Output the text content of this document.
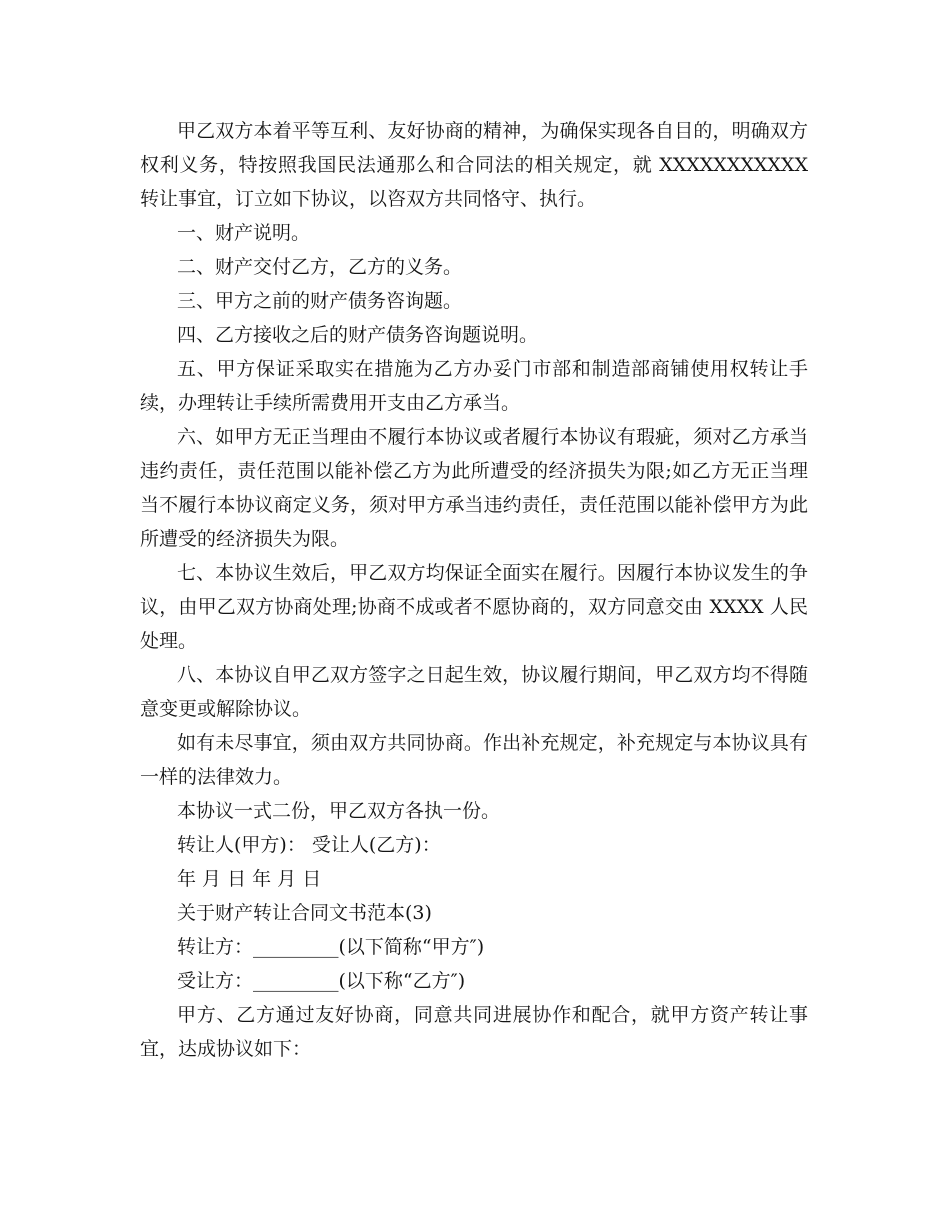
甲乙双方本着平等互利、友好协商的精神，为确保实现各自目的，明确双方权利义务，特按照我国民法通那么和合同法的相关规定，就 XXXXXXXXXXX 转让事宜，订立如下协议，以咨双方共同恪守、执行。

一、财产说明。

二、财产交付乙方，乙方的义务。

三、甲方之前的财产债务咨询题。

四、乙方接收之后的财产债务咨询题说明。

五、甲方保证采取实在措施为乙方办妥门市部和制造部商铺使用权转让手续，办理转让手续所需费用开支由乙方承当。

六、如甲方无正当理由不履行本协议或者履行本协议有瑕疵，须对乙方承当违约责任，责任范围以能补偿乙方为此所遭受的经济损失为限;如乙方无正当理当不履行本协议商定义务，须对甲方承当违约责任，责任范围以能补偿甲方为此所遭受的经济损失为限。

七、本协议生效后，甲乙双方均保证全面实在履行。因履行本协议发生的争议，由甲乙双方协商处理;协商不成或者不愿协商的，双方同意交由 XXXX 人民处理。

八、本协议自甲乙双方签字之日起生效，协议履行期间，甲乙双方均不得随意变更或解除协议。

如有未尽事宜，须由双方共同协商。作出补充规定，补充规定与本协议具有一样的法律效力。

本协议一式二份，甲乙双方各执一份。

转让人(甲方)： 受让人(乙方)：

年 月 日 年 月 日

关于财产转让合同文书范本(3)

转让方：_________(以下简称“甲方″)

受让方：_________(以下称“乙方″)

甲方、乙方通过友好协商，同意共同进展协作和配合，就甲方资产转让事宜，达成协议如下：
